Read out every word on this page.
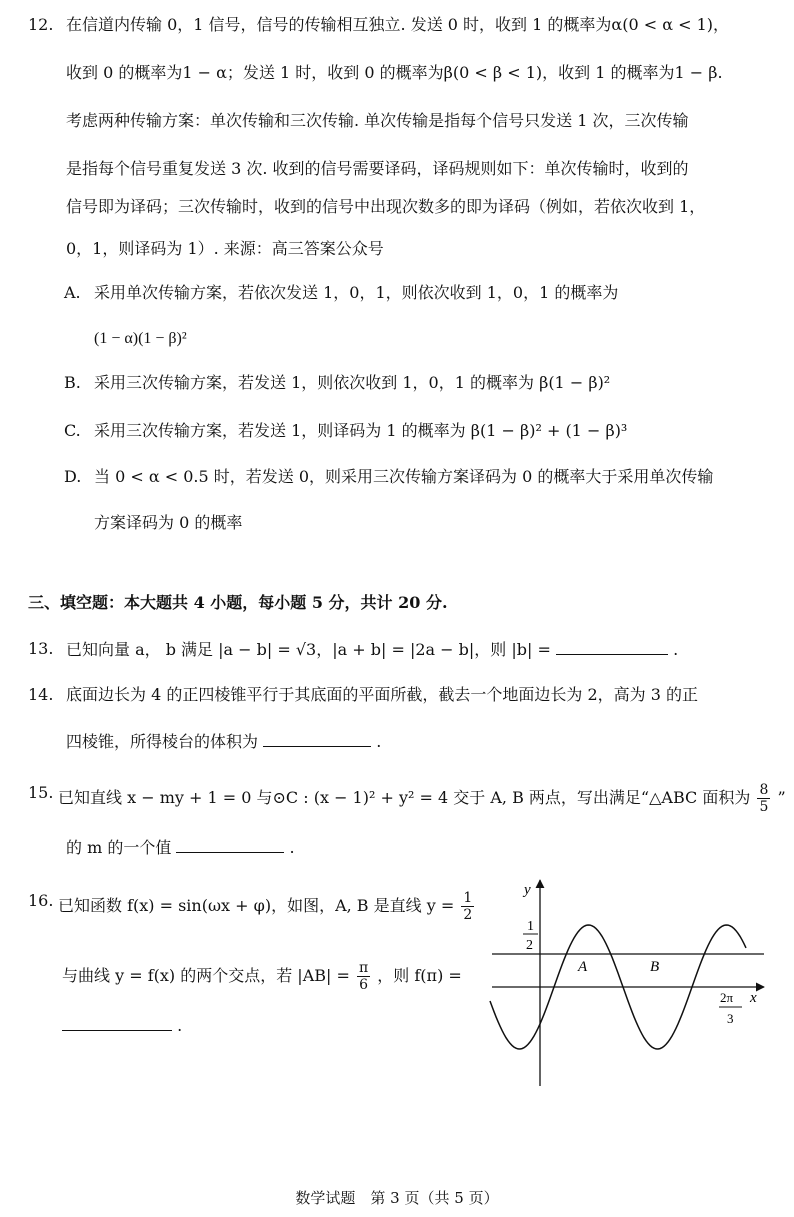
12. 在信道内传输 0，1 信号，信号的传输相互独立. 发送 0 时，收到 1 的概率为α(0 < α < 1)，
收到 0 的概率为1 − α；发送 1 时，收到 0 的概率为β(0 < β < 1)，收到 1 的概率为1 − β.
考虑两种传输方案：单次传输和三次传输. 单次传输是指每个信号只发送 1 次，三次传输
是指每个信号重复发送 3 次. 收到的信号需要译码，译码规则如下：单次传输时，收到的
信号即为译码；三次传输时，收到的信号中出现次数多的即为译码（例如，若依次收到 1，
0，1，则译码为 1）. 来源：高三答案公众号
A. 采用单次传输方案，若依次发送 1，0，1，则依次收到 1，0，1 的概率为
(1 − α)(1 − β)²
B. 采用三次传输方案，若发送 1，则依次收到 1，0，1 的概率为 β(1 − β)²
C. 采用三次传输方案，若发送 1，则译码为 1 的概率为 β(1 − β)² + (1 − β)³
D. 当 0 < α < 0.5 时，若发送 0，则采用三次传输方案译码为 0 的概率大于采用单次传输
方案译码为 0 的概率
三、填空题：本大题共 4 小题，每小题 5 分，共计 20 分.
13. 已知向量 a， b 满足 |a − b| = √3，|a + b| = |2a − b|，则 |b| =	.
14. 底面边长为 4 的正四棱锥平行于其底面的平面所截，截去一个地面边长为 2，高为 3 的正
四棱锥，所得棱台的体积为	.
15. 已知直线 x − my + 1 = 0 与⊙C : (x − 1)² + y² = 4 交于 A, B 两点，写出满足“△ABC 面积为 $\frac{8}{5}$ ”
的 m 的一个值	.
16. 已知函数 f(x) = sin(ωx + φ)，如图，A, B 是直线 $y = \frac{1}{2}$
与曲线 y = f(x) 的两个交点，若 $|AB| = \frac{\pi}{6}$ ，则 f(π) =
.
y
x
1
2
A	B
2π
3
数学试题　第 3 页（共 5 页）
